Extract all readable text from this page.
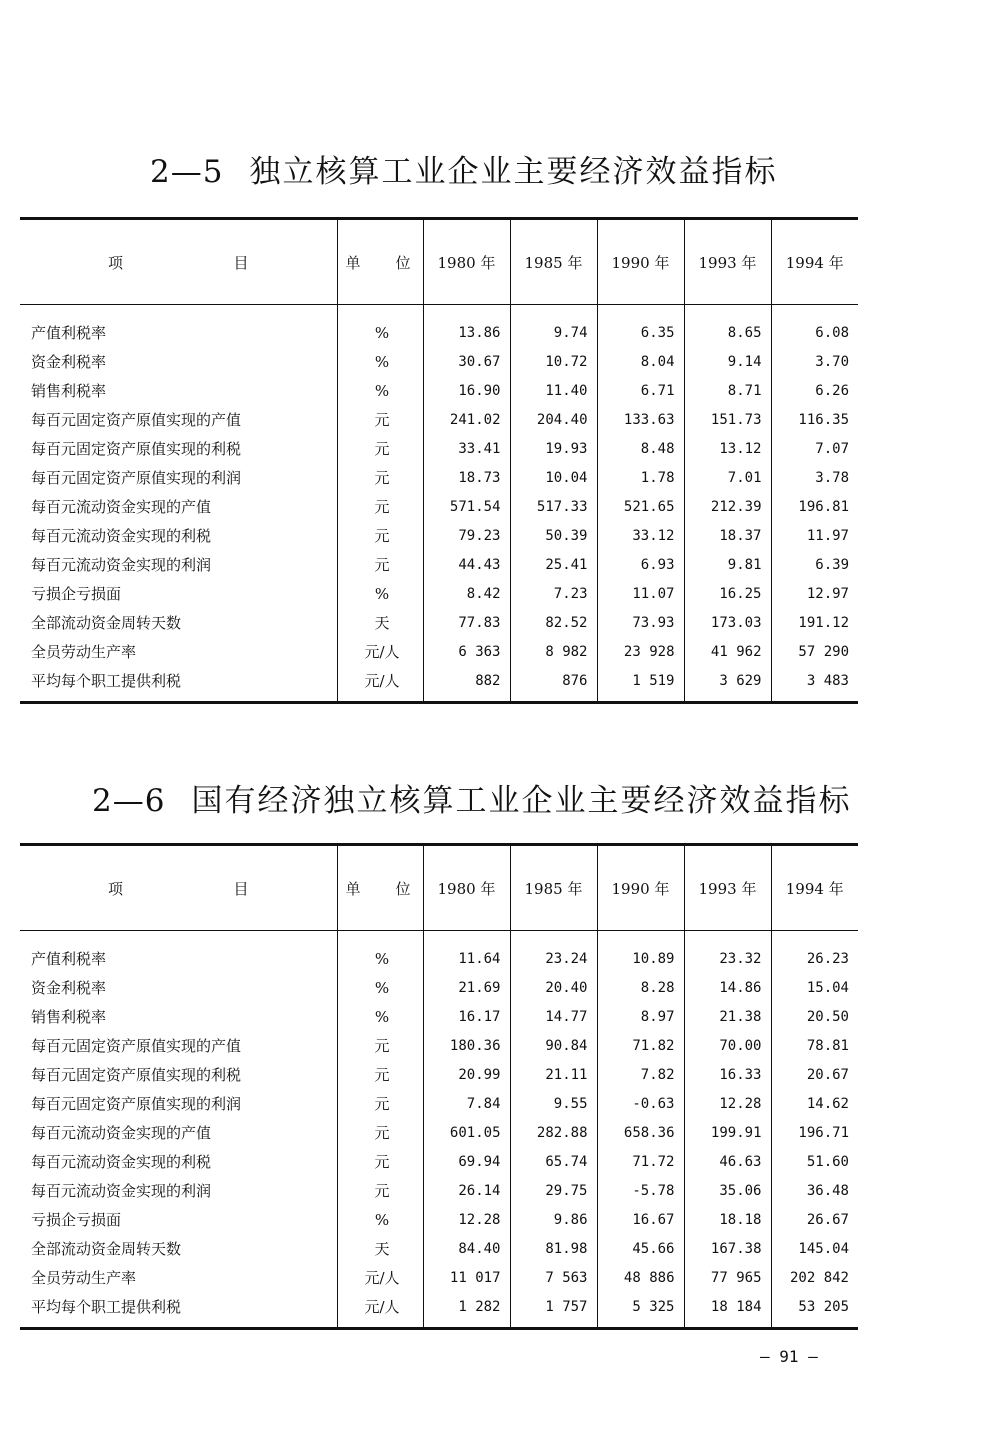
2—5 独立核算工业企业主要经济效益指标
项 目	单 位	1980 年	1985 年	1990 年	1993 年	1994 年

产值利税率	%	13.86	9.74	6.35	8.65	6.08
资金利税率	%	30.67	10.72	8.04	9.14	3.70
销售利税率	%	16.90	11.40	6.71	8.71	6.26
每百元固定资产原值实现的产值	元	241.02	204.40	133.63	151.73	116.35
每百元固定资产原值实现的利税	元	33.41	19.93	8.48	13.12	7.07
每百元固定资产原值实现的利润	元	18.73	10.04	1.78	7.01	3.78
每百元流动资金实现的产值	元	571.54	517.33	521.65	212.39	196.81
每百元流动资金实现的利税	元	79.23	50.39	33.12	18.37	11.97
每百元流动资金实现的利润	元	44.43	25.41	6.93	9.81	6.39
亏损企亏损面	%	8.42	7.23	11.07	16.25	12.97
全部流动资金周转天数	天	77.83	82.52	73.93	173.03	191.12
全员劳动生产率	元/人	6 363	8 982	23 928	41 962	57 290
平均每个职工提供利税	元/人	882	876	1 519	3 629	3 483
2—6 国有经济独立核算工业企业主要经济效益指标
项 目	单 位	1980 年	1985 年	1990 年	1993 年	1994 年

产值利税率	%	11.64	23.24	10.89	23.32	26.23
资金利税率	%	21.69	20.40	8.28	14.86	15.04
销售利税率	%	16.17	14.77	8.97	21.38	20.50
每百元固定资产原值实现的产值	元	180.36	90.84	71.82	70.00	78.81
每百元固定资产原值实现的利税	元	20.99	21.11	7.82	16.33	20.67
每百元固定资产原值实现的利润	元	7.84	9.55	-0.63	12.28	14.62
每百元流动资金实现的产值	元	601.05	282.88	658.36	199.91	196.71
每百元流动资金实现的利税	元	69.94	65.74	71.72	46.63	51.60
每百元流动资金实现的利润	元	26.14	29.75	-5.78	35.06	36.48
亏损企亏损面	%	12.28	9.86	16.67	18.18	26.67
全部流动资金周转天数	天	84.40	81.98	45.66	167.38	145.04
全员劳动生产率	元/人	11 017	7 563	48 886	77 965	202 842
平均每个职工提供利税	元/人	1 282	1 757	5 325	18 184	53 205
— 91 —
